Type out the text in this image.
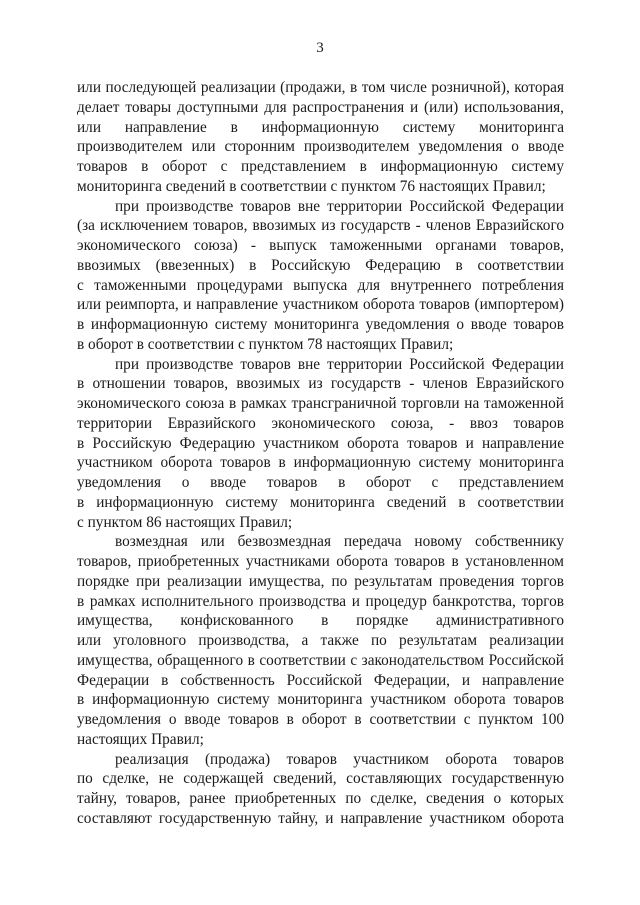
3
или последующей реализации (продажи, в том числе розничной), которая
делает товары доступными для распространения и (или) использования,
или направление в информационную систему мониторинга
производителем или сторонним производителем уведомления о вводе
товаров в оборот с представлением в информационную систему
мониторинга сведений в соответствии с пунктом 76 настоящих Правил;
при производстве товаров вне территории Российской Федерации
(за исключением товаров, ввозимых из государств - членов Евразийского
экономического союза) - выпуск таможенными органами товаров,
ввозимых (ввезенных) в Российскую Федерацию в соответствии
с таможенными процедурами выпуска для внутреннего потребления
или реимпорта, и направление участником оборота товаров (импортером)
в информационную систему мониторинга уведомления о вводе товаров
в оборот в соответствии с пунктом 78 настоящих Правил;
при производстве товаров вне территории Российской Федерации
в отношении товаров, ввозимых из государств - членов Евразийского
экономического союза в рамках трансграничной торговли на таможенной
территории Евразийского экономического союза, - ввоз товаров
в Российскую Федерацию участником оборота товаров и направление
участником оборота товаров в информационную систему мониторинга
уведомления о вводе товаров в оборот с представлением
в информационную систему мониторинга сведений в соответствии
с пунктом 86 настоящих Правил;
возмездная или безвозмездная передача новому собственнику
товаров, приобретенных участниками оборота товаров в установленном
порядке при реализации имущества, по результатам проведения торгов
в рамках исполнительного производства и процедур банкротства, торгов
имущества, конфискованного в порядке административного
или уголовного производства, а также по результатам реализации
имущества, обращенного в соответствии с законодательством Российской
Федерации в собственность Российской Федерации, и направление
в информационную систему мониторинга участником оборота товаров
уведомления о вводе товаров в оборот в соответствии с пунктом 100
настоящих Правил;
реализация (продажа) товаров участником оборота товаров
по сделке, не содержащей сведений, составляющих государственную
тайну, товаров, ранее приобретенных по сделке, сведения о которых
составляют государственную тайну, и направление участником оборота
